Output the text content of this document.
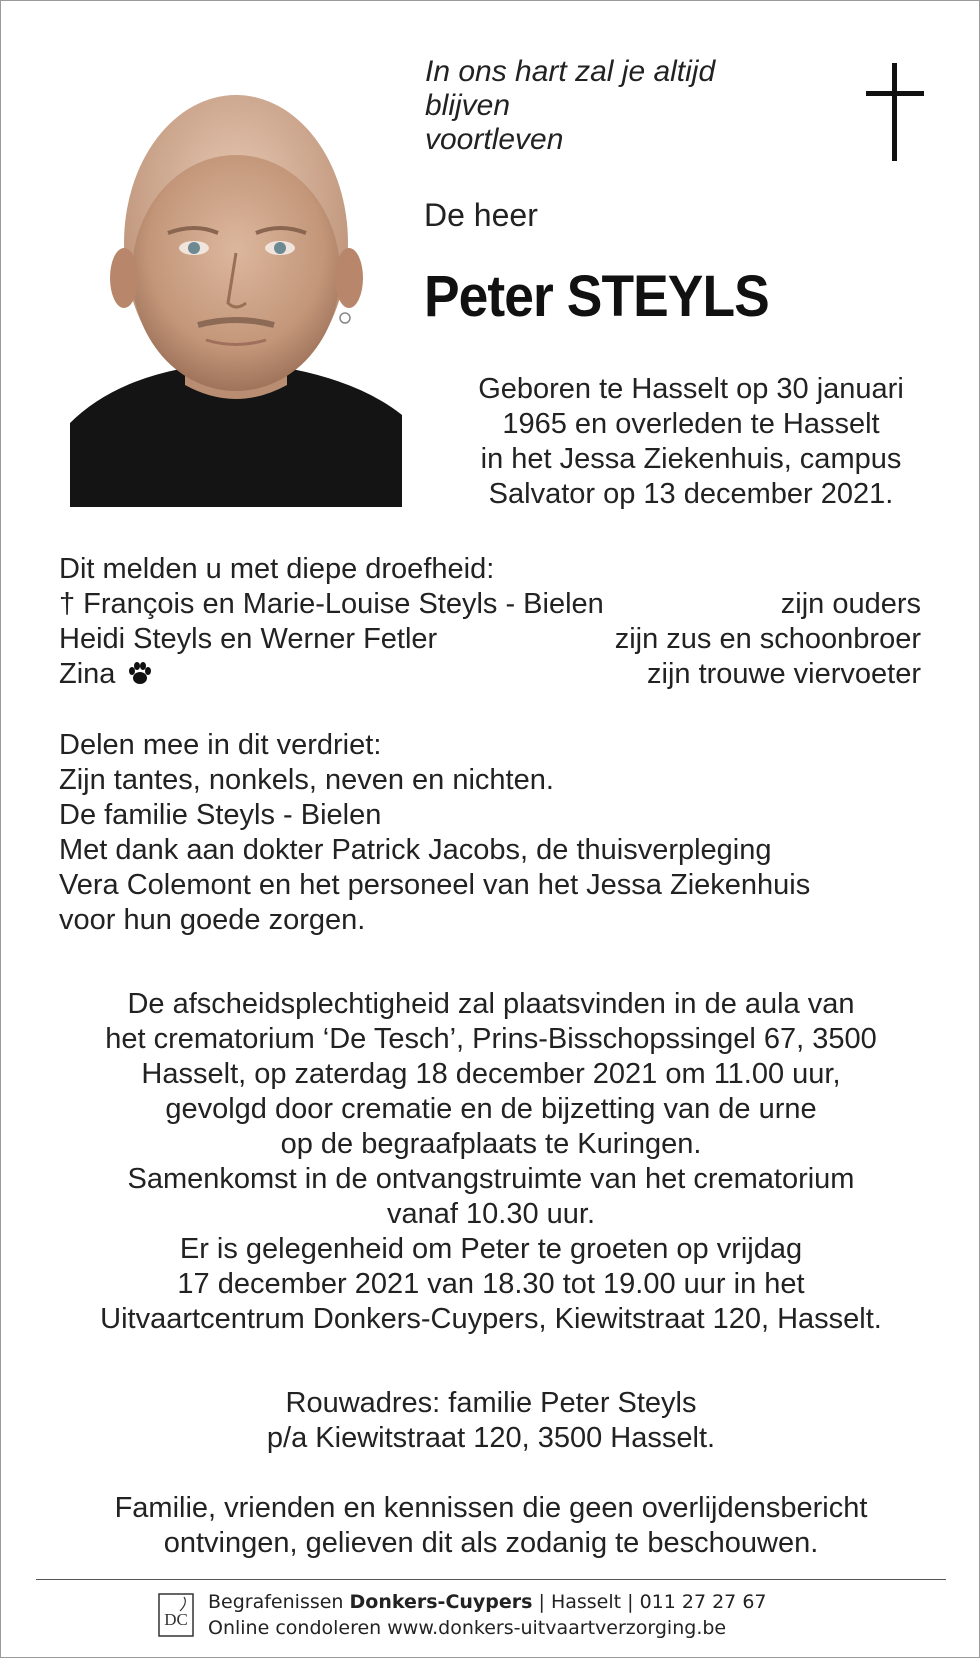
In ons hart zal je altijd blijven
voortleven
De heer
Peter STEYLS
Geboren te Hasselt op 30 januari
1965 en overleden te Hasselt
in het Jessa Ziekenhuis, campus
Salvator op 13 december 2021.
Dit melden u met diepe droefheid:
† François en Marie-Louise Steyls - Bielen	zijn ouders
Heidi Steyls en Werner Fetler	zijn zus en schoonbroer
Zina	zijn trouwe viervoeter
Delen mee in dit verdriet:
Zijn tantes, nonkels, neven en nichten.
De familie Steyls - Bielen
Met dank aan dokter Patrick Jacobs, de thuisverpleging
Vera Colemont en het personeel van het Jessa Ziekenhuis
voor hun goede zorgen.
De afscheidsplechtigheid zal plaatsvinden in de aula van
het crematorium ‘De Tesch’, Prins-Bisschopssingel 67, 3500
Hasselt, op zaterdag 18 december 2021 om 11.00 uur,
gevolgd door crematie en de bijzetting van de urne
op de begraafplaats te Kuringen.
Samenkomst in de ontvangstruimte van het crematorium
vanaf 10.30 uur.
Er is gelegenheid om Peter te groeten op vrijdag
17 december 2021 van 18.30 tot 19.00 uur in het
Uitvaartcentrum Donkers-Cuypers, Kiewitstraat 120, Hasselt.
Rouwadres: familie Peter Steyls
p/a Kiewitstraat 120, 3500 Hasselt.
Familie, vrienden en kennissen die geen overlijdensbericht
ontvingen, gelieven dit als zodanig te beschouwen.
DC
Begrafenissen Donkers-Cuypers | Hasselt | 011 27 27 67
Online condoleren www.donkers-uitvaartverzorging.be
